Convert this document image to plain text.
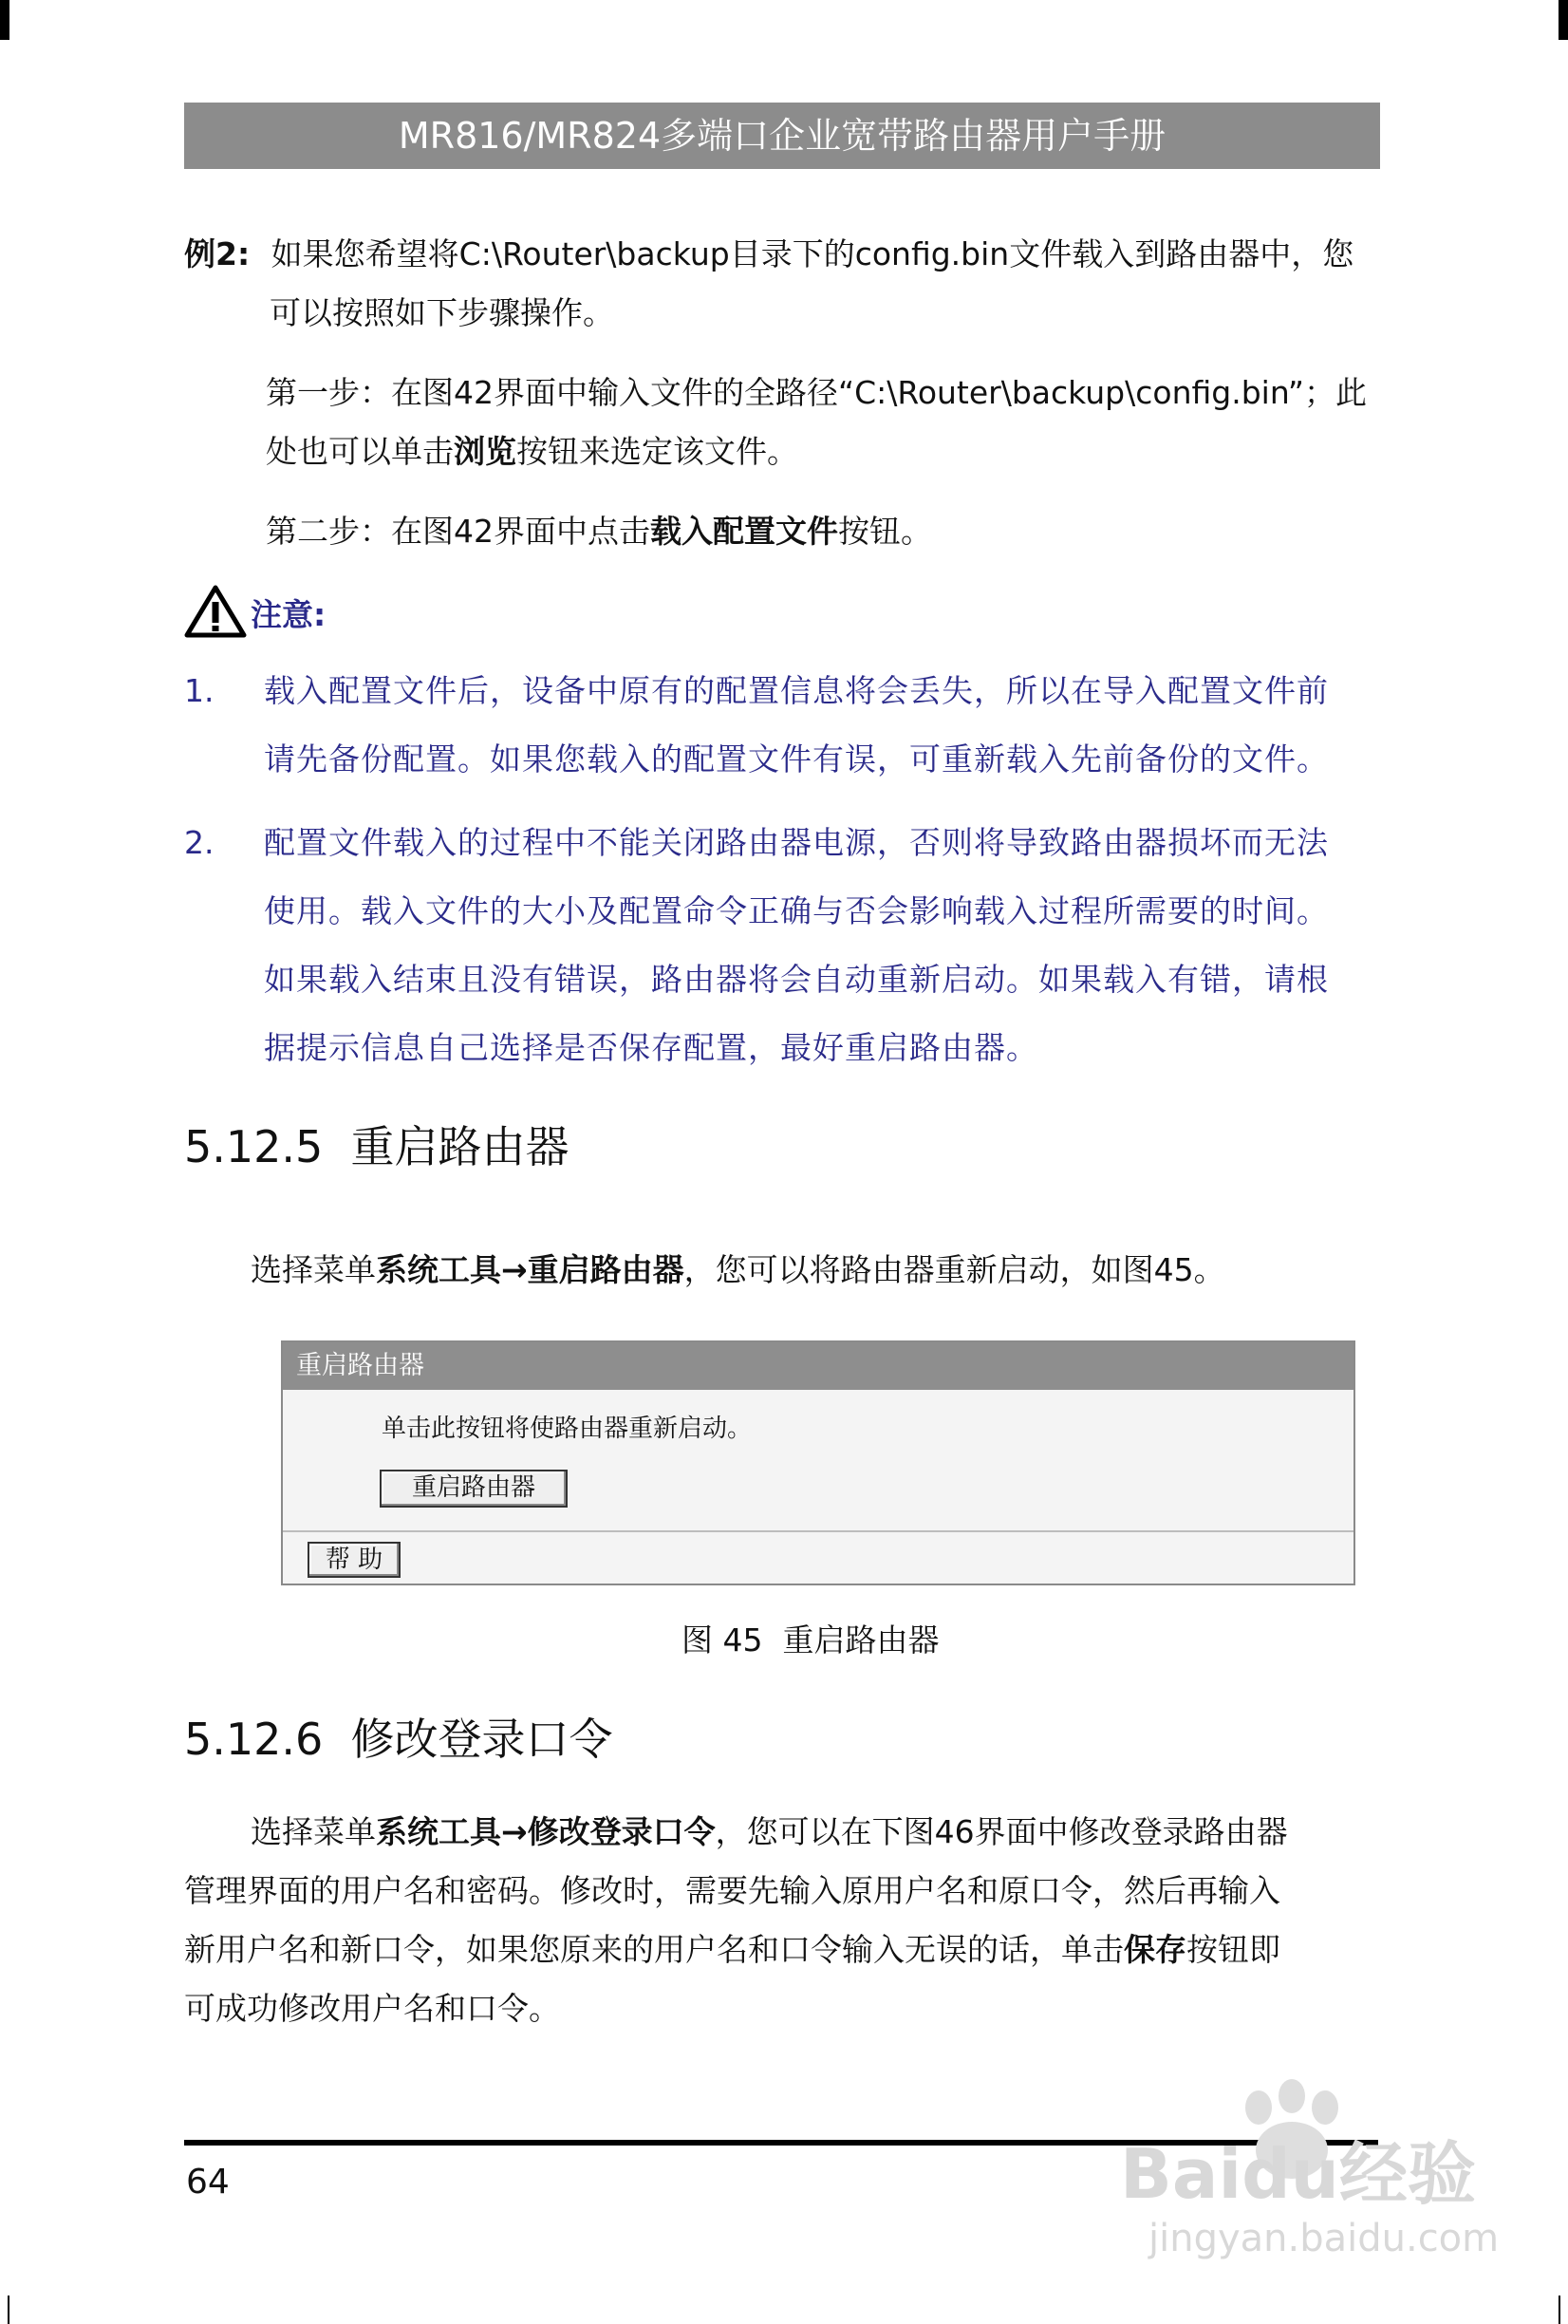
MR816/MR824多端口企业宽带路由器用户手册
例2: 如果您希望将C:\Router\backup目录下的config.bin文件载入到路由器中，您
可以按照如下步骤操作。
第一步：在图42界面中输入文件的全路径“C:\Router\backup\config.bin”；此
处也可以单击浏览按钮来选定该文件。
第二步：在图42界面中点击载入配置文件按钮。
注意:
1. 载入配置文件后，设备中原有的配置信息将会丢失，所以在导入配置文件前
请先备份配置。如果您载入的配置文件有误，可重新载入先前备份的文件。
2. 配置文件载入的过程中不能关闭路由器电源，否则将导致路由器损坏而无法
使用。载入文件的大小及配置命令正确与否会影响载入过程所需要的时间。
如果载入结束且没有错误，路由器将会自动重新启动。如果载入有错，请根
据提示信息自己选择是否保存配置，最好重启路由器。
5.12.5  重启路由器
选择菜单系统工具→重启路由器，您可以将路由器重新启动，如图45。
重启路由器
单击此按钮将使路由器重新启动。
重启路由器
帮 助
图 45  重启路由器
5.12.6  修改登录口令
选择菜单系统工具→修改登录口令，您可以在下图46界面中修改登录路由器
管理界面的用户名和密码。修改时，需要先输入原用户名和原口令，然后再输入
新用户名和新口令，如果您原来的用户名和口令输入无误的话，单击保存按钮即
可成功修改用户名和口令。
64	Baidu经验
jingyan.baidu.com
